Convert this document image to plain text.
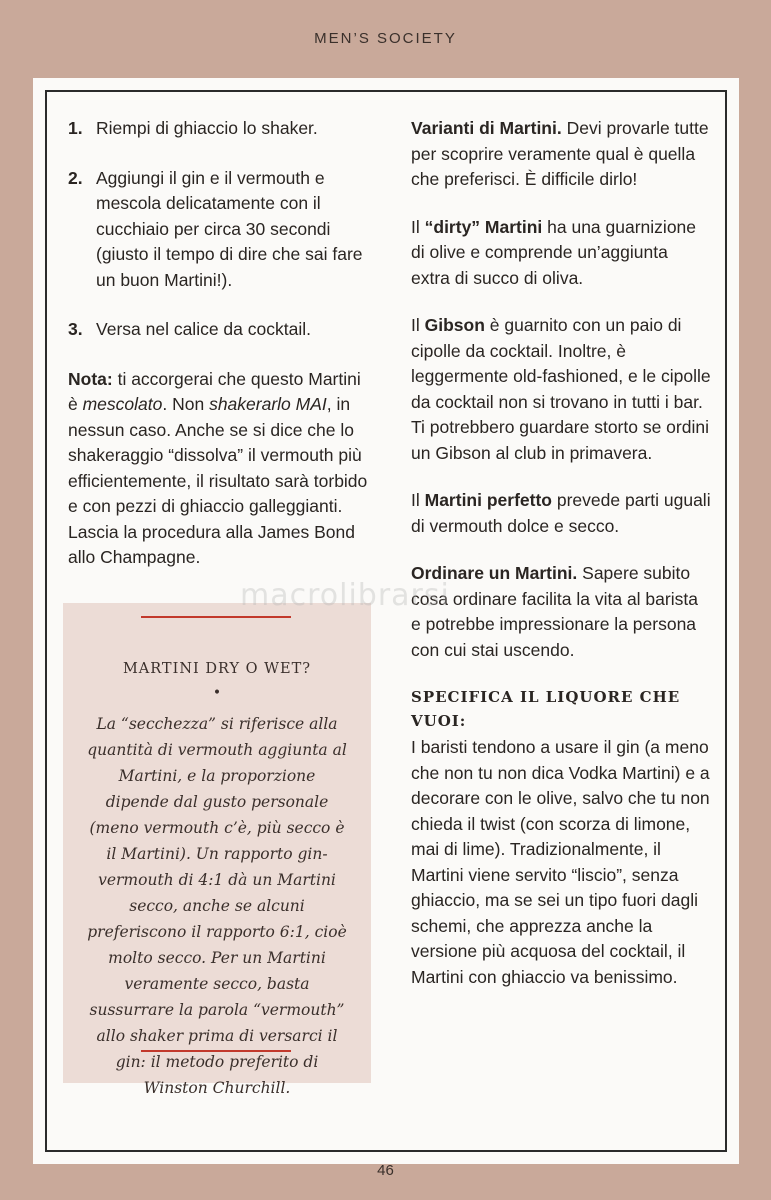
MEN’S SOCIETY
1. Riempi di ghiaccio lo shaker.
2. Aggiungi il gin e il vermouth e mescola delicatamente con il cucchiaio per circa 30 secondi (giusto il tempo di dire che sai fare un buon Martini!).
3. Versa nel calice da cocktail.

Nota: ti accorgerai che questo Martini è mescolato. Non shakerarlo MAI, in nessun caso. Anche se si dice che lo shakeraggio “dissolva” il vermouth più efficientemente, il risultato sarà torbido e con pezzi di ghiaccio galleggianti. Lascia la procedura alla James Bond allo Champagne.

MARTINI DRY O WET?
•

La “secchezza” si riferisce alla quantità di vermouth aggiunta al Martini, e la proporzione dipende dal gusto personale (meno vermouth c’è, più secco è il Martini). Un rapporto gin-vermouth di 4:1 dà un Martini secco, anche se alcuni preferiscono il rapporto 6:1, cioè molto secco. Per un Martini veramente secco, basta sussurrare la parola “vermouth” allo shaker prima di versarci il gin: il metodo preferito di Winston Churchill.

Varianti di Martini. Devi provarle tutte per scoprire veramente qual è quella che preferisci. È difficile dirlo!

Il “dirty” Martini ha una guarnizione di olive e comprende un’aggiunta extra di succo di oliva.

Il Gibson è guarnito con un paio di cipolle da cocktail. Inoltre, è leggermente old-fashioned, e le cipolle da cocktail non si trovano in tutti i bar. Ti potrebbero guardare storto se ordini un Gibson al club in primavera.

Il Martini perfetto prevede parti uguali di vermouth dolce e secco.

Ordinare un Martini. Sapere subito cosa ordinare facilita la vita al barista e potrebbe impressionare la persona con cui stai uscendo.

SPECIFICA IL LIQUORE CHE VUOI:

I baristi tendono a usare il gin (a meno che non tu non dica Vodka Martini) e a decorare con le olive, salvo che tu non chieda il twist (con scorza di limone, mai di lime). Tradizionalmente, il Martini viene servito “liscio”, senza ghiaccio, ma se sei un tipo fuori dagli schemi, che apprezza anche la versione più acquosa del cocktail, il Martini con ghiaccio va benissimo.

macrolibrarsi
46
